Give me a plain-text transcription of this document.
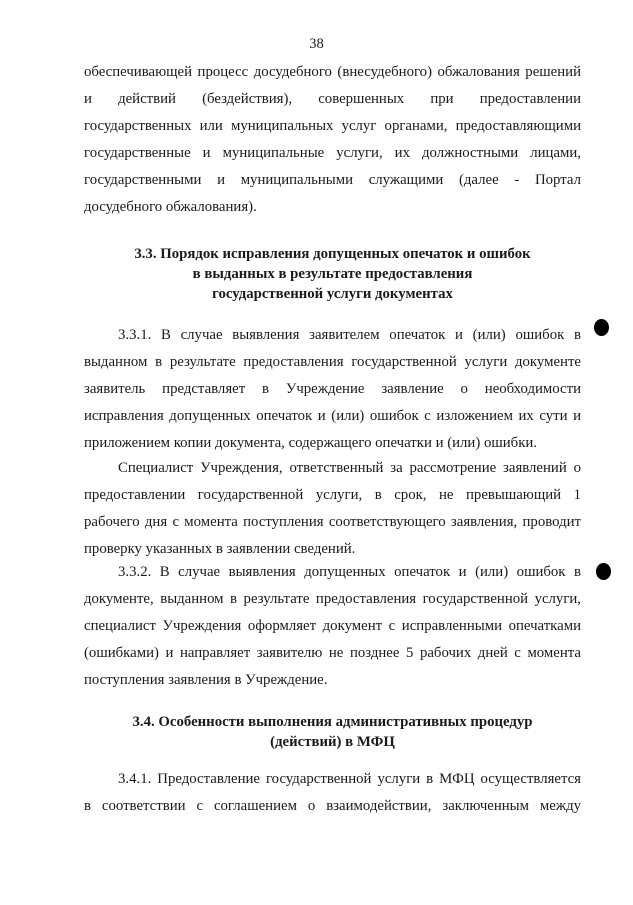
38
обеспечивающей процесс досудебного (внесудебного) обжалования решений
и действий (бездействия), совершенных при предоставлении
государственных или муниципальных услуг органами, предоставляющими
государственные и муниципальные услуги, их должностными лицами,
государственными и муниципальными служащими (далее - Портал
досудебного обжалования).
3.3. Порядок исправления допущенных опечаток и ошибок
в выданных в результате предоставления
государственной услуги документах
3.3.1. В случае выявления заявителем опечаток и (или) ошибок в
выданном в результате предоставления государственной услуги документе
заявитель представляет в Учреждение заявление о необходимости
исправления допущенных опечаток и (или) ошибок с изложением их сути и
приложением копии документа, содержащего опечатки и (или) ошибки.
Специалист Учреждения, ответственный за рассмотрение заявлений о
предоставлении государственной услуги, в срок, не превышающий 1
рабочего дня с момента поступления соответствующего заявления, проводит
проверку указанных в заявлении сведений.
3.3.2. В случае выявления допущенных опечаток и (или) ошибок в
документе, выданном в результате предоставления государственной услуги,
специалист Учреждения оформляет документ с исправленными опечатками
(ошибками) и направляет заявителю не позднее 5 рабочих дней с момента
поступления заявления в Учреждение.
3.4. Особенности выполнения административных процедур
(действий) в МФЦ
3.4.1. Предоставление государственной услуги в МФЦ осуществляется
в соответствии с соглашением о взаимодействии, заключенным между
